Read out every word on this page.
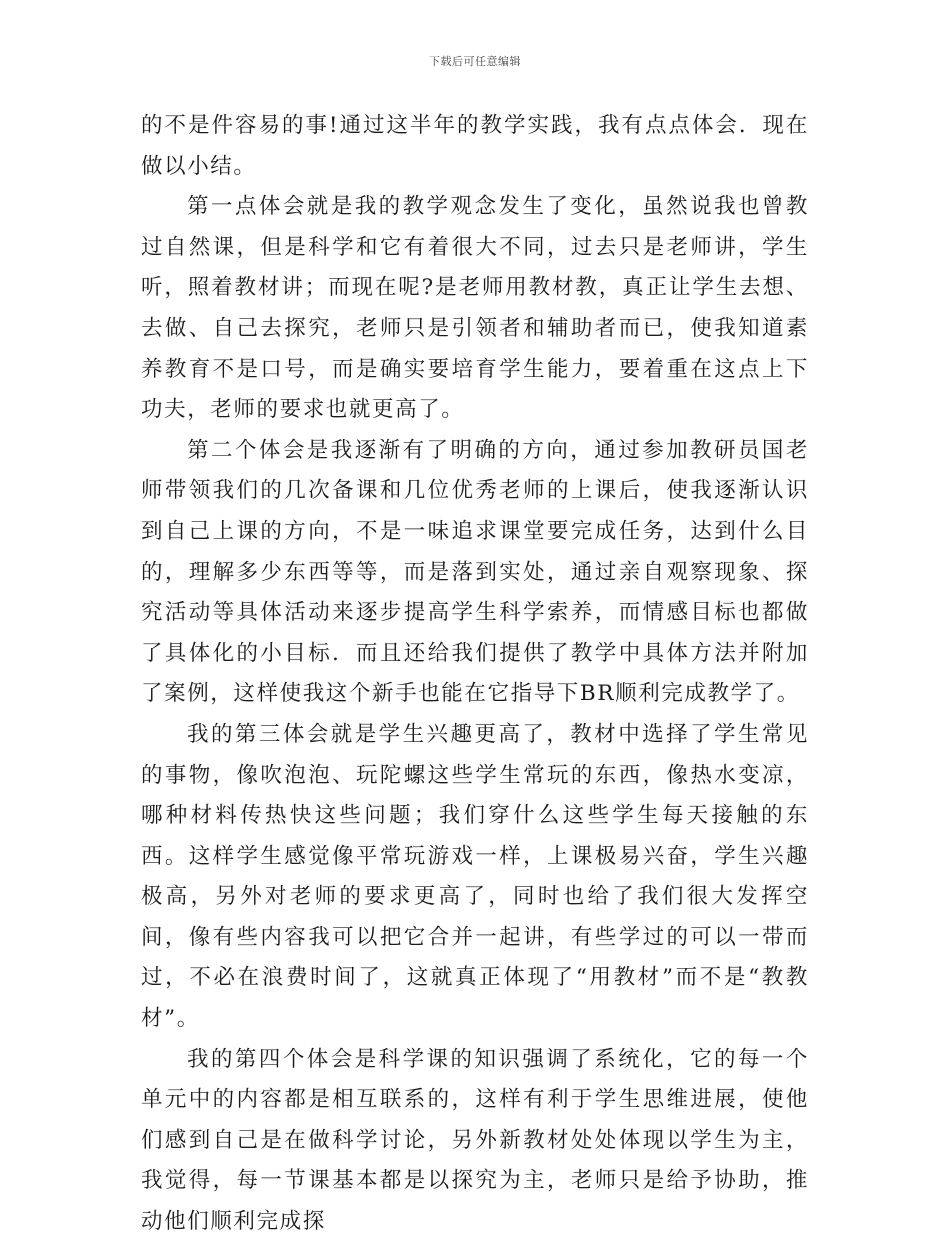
下载后可任意编辑

的不是件容易的事!通过这半年的教学实践，我有点点体会．现在做以小结。

第一点体会就是我的教学观念发生了变化，虽然说我也曾教过自然课，但是科学和它有着很大不同，过去只是老师讲，学生听，照着教材讲；而现在呢?是老师用教材教，真正让学生去想、去做、自己去探究，老师只是引领者和辅助者而已，使我知道素养教育不是口号，而是确实要培育学生能力，要着重在这点上下功夫，老师的要求也就更高了。

第二个体会是我逐渐有了明确的方向，通过参加教研员国老师带领我们的几次备课和几位优秀老师的上课后，使我逐渐认识到自己上课的方向，不是一味追求课堂要完成任务，达到什么目的，理解多少东西等等，而是落到实处，通过亲自观察现象、探究活动等具体活动来逐步提高学生科学索养，而情感目标也都做了具体化的小目标．而且还给我们提供了教学中具体方法并附加了案例，这样使我这个新手也能在它指导下BR顺利完成教学了。

我的第三体会就是学生兴趣更高了，教材中选择了学生常见的事物，像吹泡泡、玩陀螺这些学生常玩的东西，像热水变凉，哪种材料传热快这些问题；我们穿什么这些学生每天接触的东西。这样学生感觉像平常玩游戏一样，上课极易兴奋，学生兴趣极高，另外对老师的要求更高了，同时也给了我们很大发挥空间，像有些内容我可以把它合并一起讲，有些学过的可以一带而过，不必在浪费时间了，这就真正体现了“用教材”而不是“教教材”。

我的第四个体会是科学课的知识强调了系统化，它的每一个单元中的内容都是相互联系的，这样有利于学生思维进展，使他们感到自己是在做科学讨论，另外新教材处处体现以学生为主，我觉得，每一节课基本都是以探究为主，老师只是给予协助，推动他们顺利完成探
